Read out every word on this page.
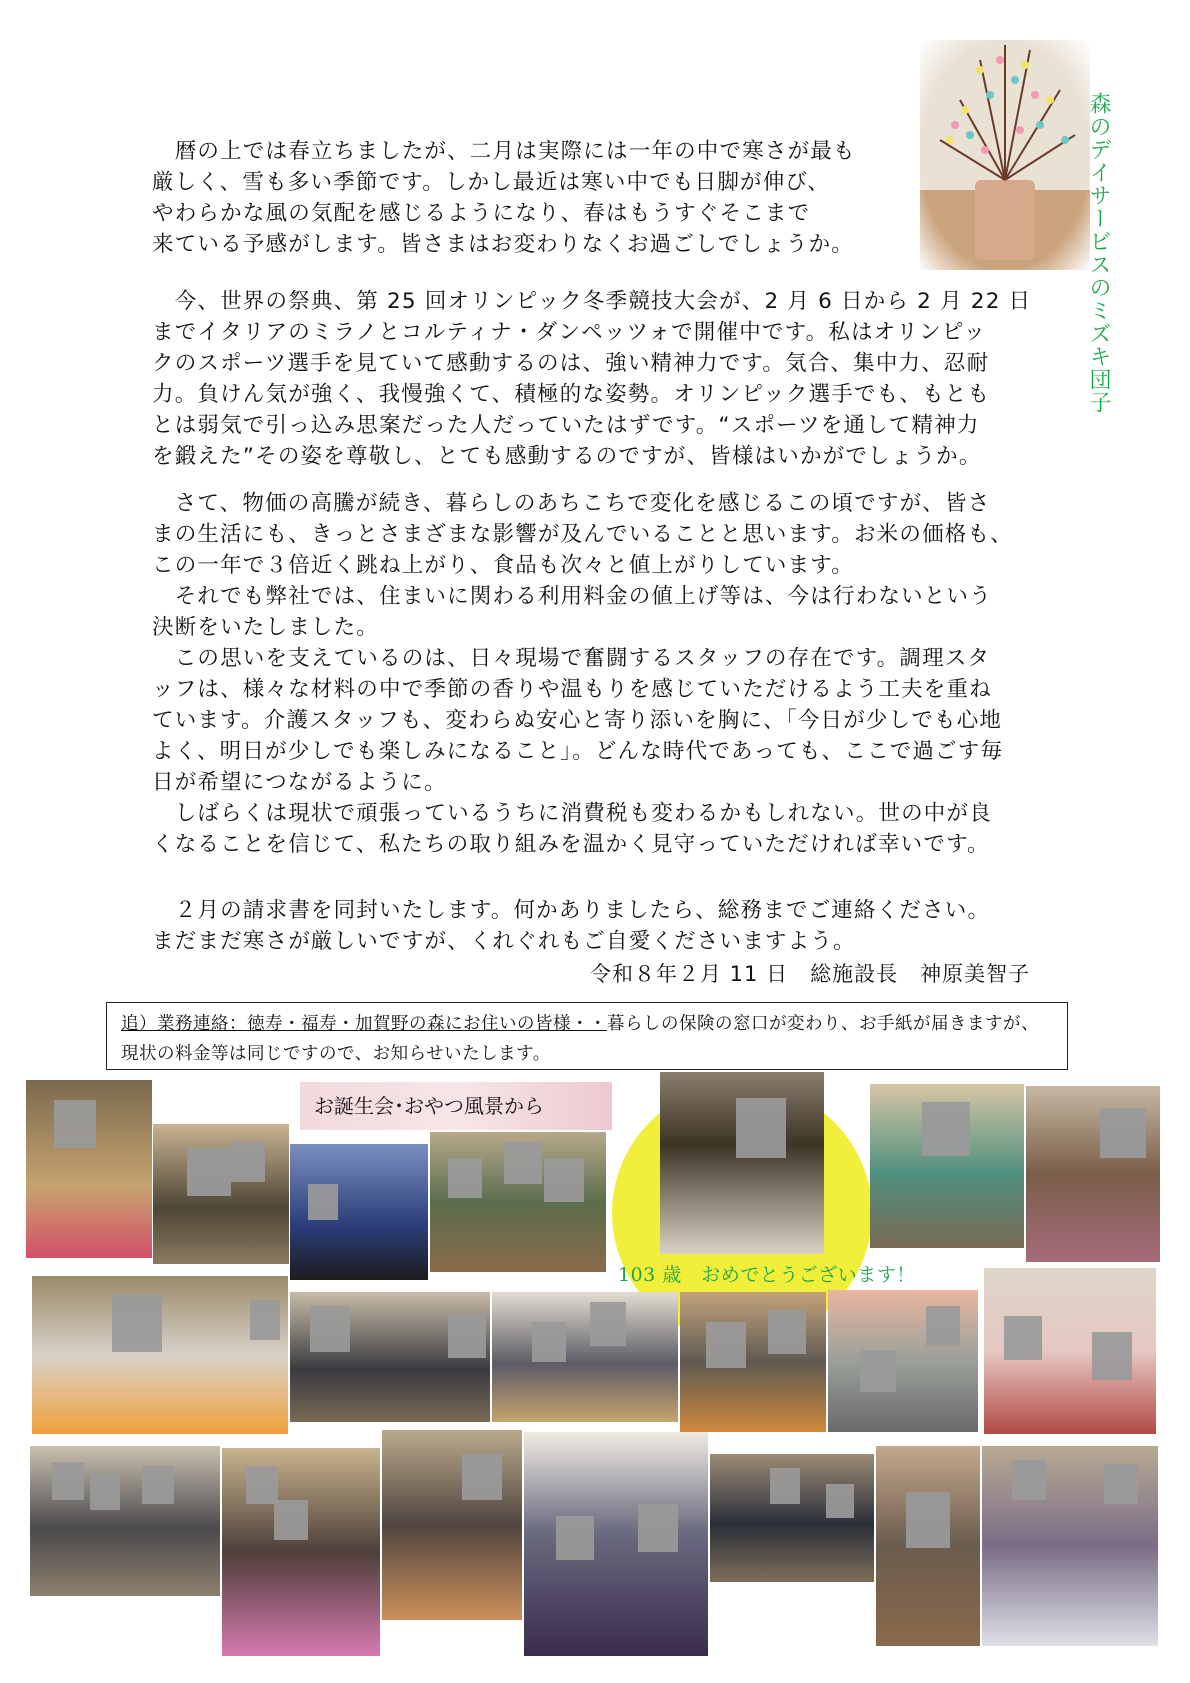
森のデイサービスのミズキ団子
　暦の上では春立ちましたが、二月は実際には一年の中で寒さが最も
厳しく、雪も多い季節です。しかし最近は寒い中でも日脚が伸び、
やわらかな風の気配を感じるようになり、春はもうすぐそこまで
来ている予感がします。皆さまはお変わりなくお過ごしでしょうか。
　今、世界の祭典、第 25 回オリンピック冬季競技大会が、2 月 6 日から 2 月 22 日
までイタリアのミラノとコルティナ・ダンペッツォで開催中です。私はオリンピッ
クのスポーツ選手を見ていて感動するのは、強い精神力です。気合、集中力、忍耐
力。負けん気が強く、我慢強くて、積極的な姿勢。オリンピック選手でも、もとも
とは弱気で引っ込み思案だった人だっていたはずです。“スポーツを通して精神力
を鍛えた”その姿を尊敬し、とても感動するのですが、皆様はいかがでしょうか。
　さて、物価の高騰が続き、暮らしのあちこちで変化を感じるこの頃ですが、皆さ
まの生活にも、きっとさまざまな影響が及んでいることと思います。お米の価格も、
この一年で３倍近く跳ね上がり、食品も次々と値上がりしています。
　それでも弊社では、住まいに関わる利用料金の値上げ等は、今は行わないという
決断をいたしました。
　この思いを支えているのは、日々現場で奮闘するスタッフの存在です。調理スタ
ッフは、様々な材料の中で季節の香りや温もりを感じていただけるよう工夫を重ね
ています。介護スタッフも、変わらぬ安心と寄り添いを胸に、「今日が少しでも心地
よく、明日が少しでも楽しみになること」。どんな時代であっても、ここで過ごす毎
日が希望につながるように。
　しばらくは現状で頑張っているうちに消費税も変わるかもしれない。世の中が良
くなることを信じて、私たちの取り組みを温かく見守っていただければ幸いです。
　２月の請求書を同封いたします。何かありましたら、総務までご連絡ください。
まだまだ寒さが厳しいですが、くれぐれもご自愛くださいますよう。
令和８年２月 11 日　総施設長　神原美智子
追）業務連絡：徳寿・福寿・加賀野の森にお住いの皆様・・暮らしの保険の窓口が変わり、お手紙が届きますが、現状の料金等は同じですので、お知らせいたします。
お誕生会･おやつ風景から
103 歳　おめでとうございます！
